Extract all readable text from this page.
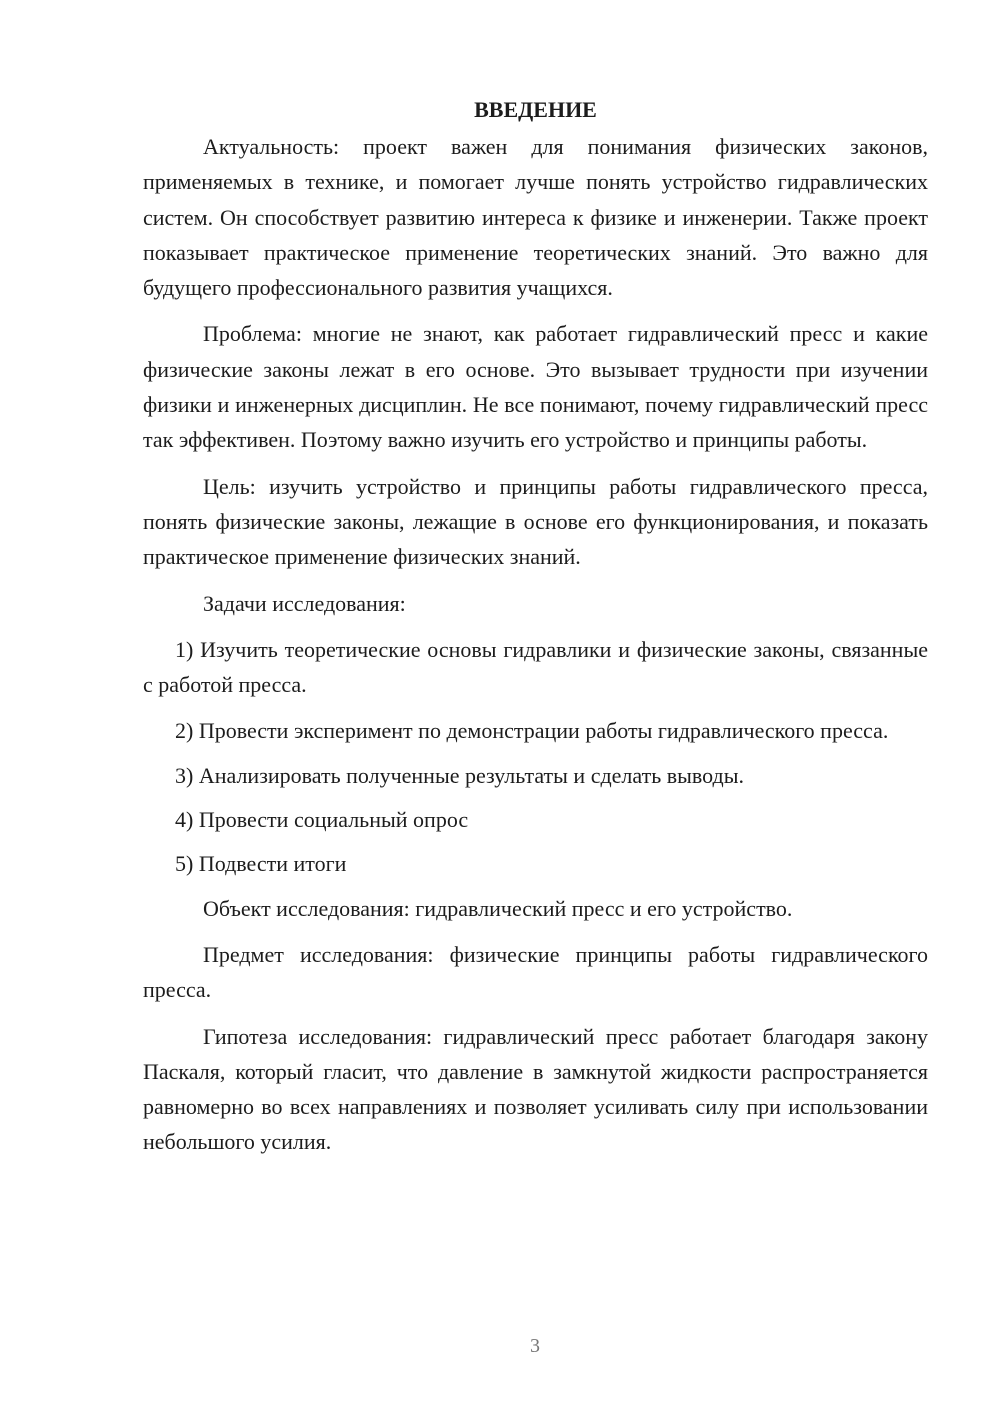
ВВЕДЕНИЕ

Актуальность: проект важен для понимания физических законов, применяемых в технике, и помогает лучше понять устройство гидравлических систем. Он способствует развитию интереса к физике и инженерии. Также проект показывает практическое применение теоретических знаний. Это важно для будущего профессионального развития учащихся.

Проблема: многие не знают, как работает гидравлический пресс и какие физические законы лежат в его основе. Это вызывает трудности при изучении физики и инженерных дисциплин. Не все понимают, почему гидравлический пресс так эффективен. Поэтому важно изучить его устройство и принципы работы.

Цель: изучить устройство и принципы работы гидравлического пресса, понять физические законы, лежащие в основе его функционирования, и показать практическое применение физических знаний.

Задачи исследования:

1) Изучить теоретические основы гидравлики и физические законы, связанные с работой пресса.

2) Провести эксперимент по демонстрации работы гидравлического пресса.

3) Анализировать полученные результаты и сделать выводы.

4) Провести социальный опрос

5) Подвести итоги

Объект исследования: гидравлический пресс и его устройство.

Предмет исследования: физические принципы работы гидравлического пресса.

Гипотеза исследования: гидравлический пресс работает благодаря закону Паскаля, который гласит, что давление в замкнутой жидкости распространяется равномерно во всех направлениях и позволяет усиливать силу при использовании небольшого усилия.

3
